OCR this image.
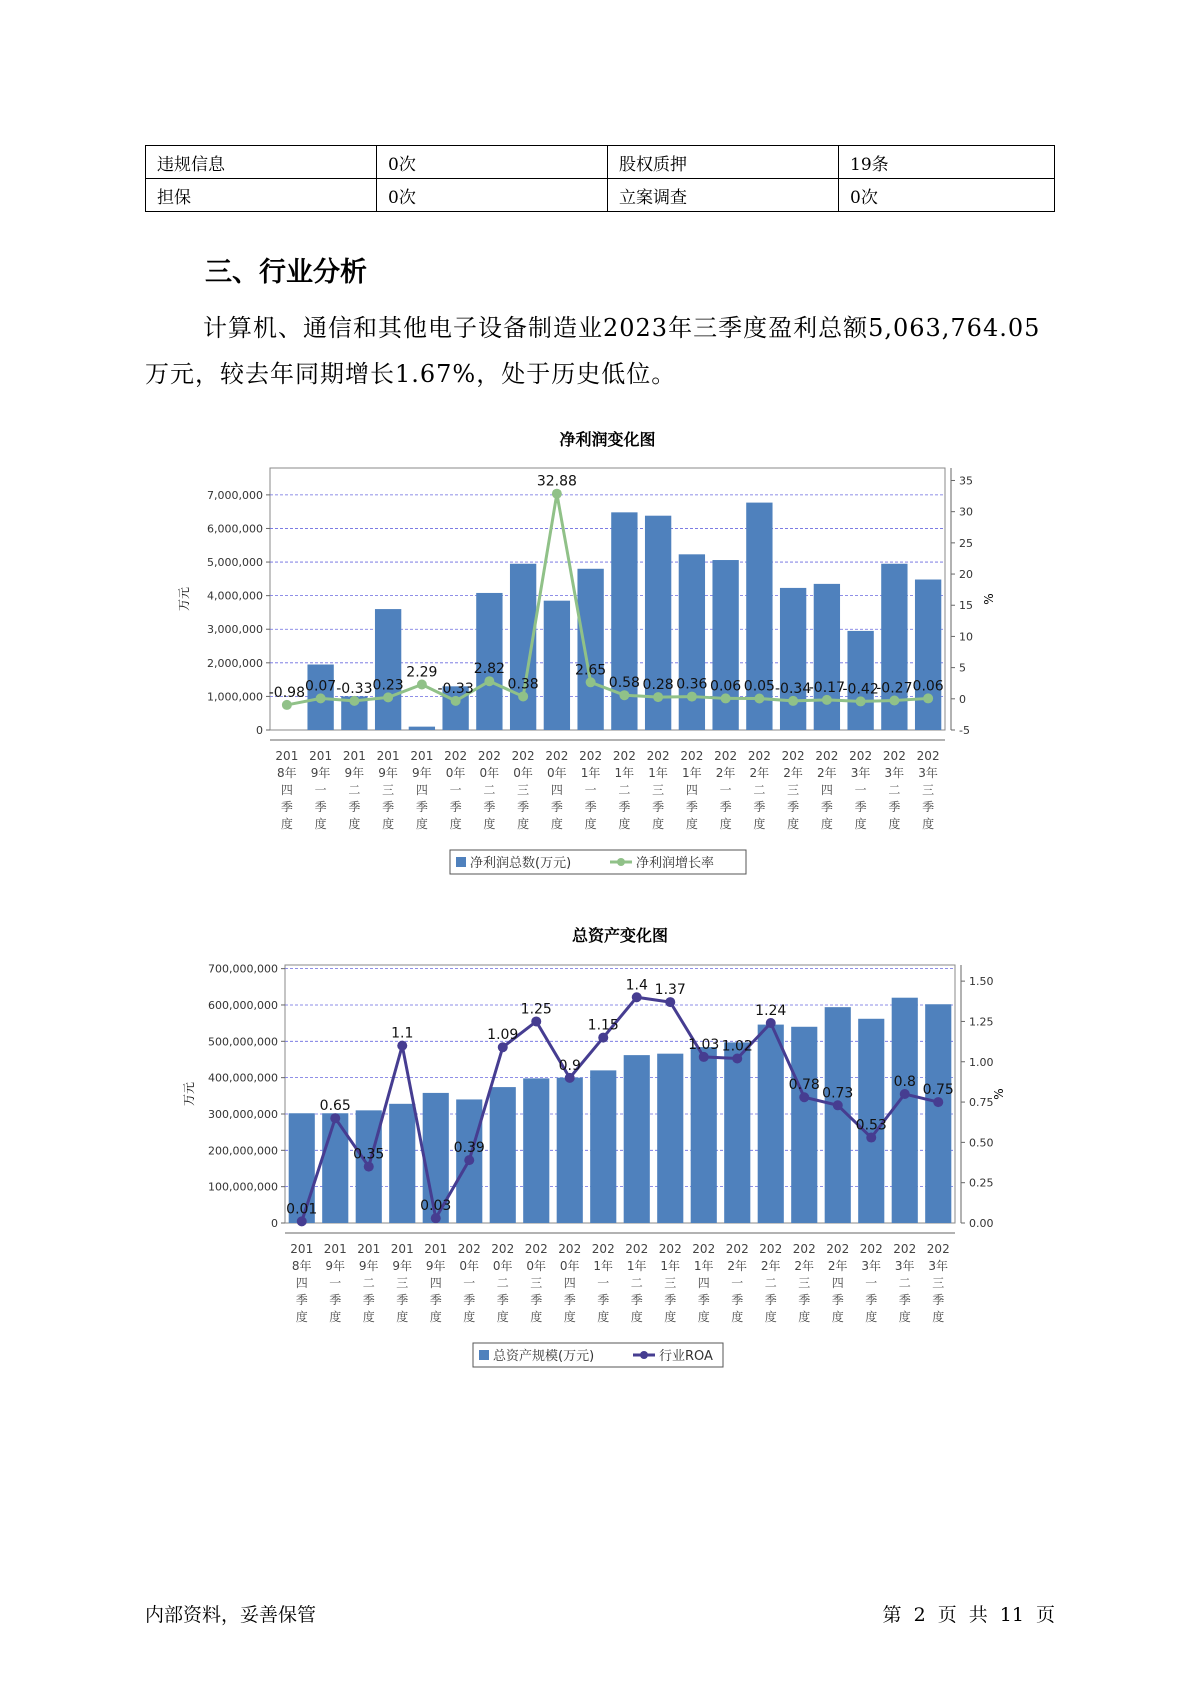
违规信息	0次	股权质押	19条
担保	0次	立案调查	0次
三、行业分析

计算机、通信和其他电子设备制造业2023年三季度盈利总额5,063,764.05万元，较去年同期增长1.67%，处于历史低位。

净利润变化图
0
1,000,000
2,000,000
3,000,000
4,000,000
5,000,000
6,000,000
7,000,000
-5
0
5
10
15
20
25
30
35
万元	%
-0.98 0.07 -0.33 0.23
2.29
-0.33
2.82
0.38
32.88
2.65
0.58 0.28 0.36 0.06 0.05 -0.34
-0.17
-0.42
-0.27 0.06
201 8年四季度
201 9年一季度
201 9年二季度
201 9年三季度
201 9年四季度
202 0年一季度
202 0年二季度
202 0年三季度
202 0年四季度
202 1年一季度
202 1年二季度
202 1年三季度
202 1年四季度
202 2年一季度
202 2年二季度
202 2年三季度
202 2年四季度
202 3年一季度
202 3年二季度
202 3年三季度
净利润总数(万元)	净利润增长率
总资产变化图
0
100,000,000
200,000,000
300,000,000
400,000,000
500,000,000
600,000,000
700,000,000
0.00
0.25
0.50
0.75
1.00
1.25
1.50
万元	%
0.01
0.65
0.35
1.1
0.03
0.39
1.09
1.25
0.9
1.15
1.4 1.37
1.03 1.02
1.24
0.78
0.73
0.53
0.8
0.75
201 8年四季度
201 9年一季度
201 9年二季度
201 9年三季度
201 9年四季度
202 0年一季度
202 0年二季度
202 0年三季度
202 0年四季度
202 1年一季度
202 1年二季度
202 1年三季度
202 1年四季度
202 2年一季度
202 2年二季度
202 2年三季度
202 2年四季度
202 3年一季度
202 3年二季度
202 3年三季度
总资产规模(万元)	行业ROA
内部资料，妥善保管	第 2 页 共 11 页
